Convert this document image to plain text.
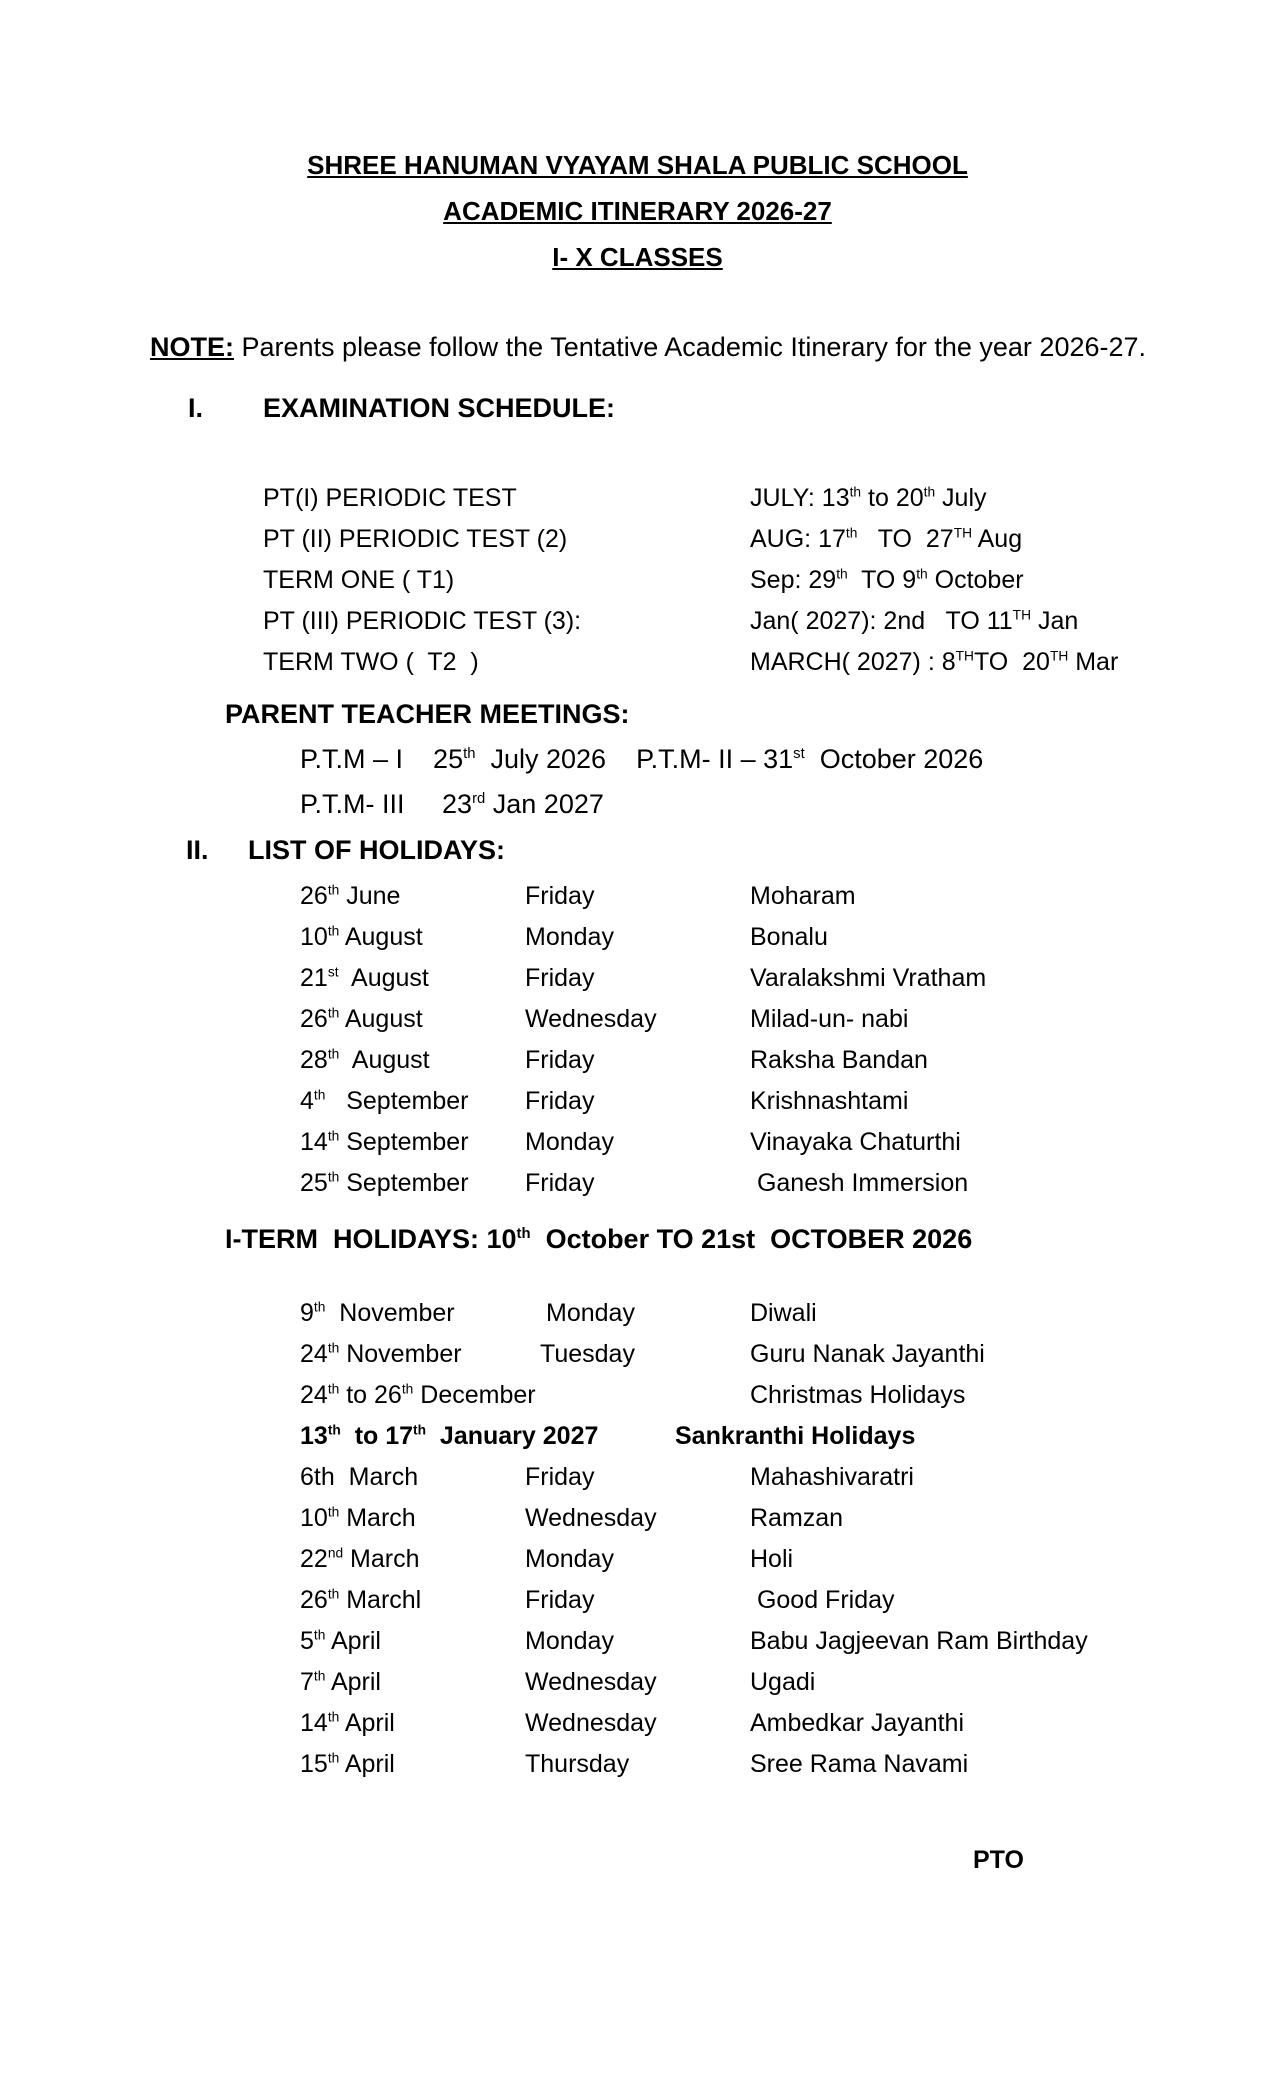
SHREE HANUMAN VYAYAM SHALA PUBLIC SCHOOL
ACADEMIC ITINERARY 2026-27
I- X CLASSES
NOTE: Parents please follow the Tentative Academic Itinerary for the year 2026-27.
I. EXAMINATION SCHEDULE:
PT(I) PERIODIC TEST	JULY: 13th to 20th July
PT (II) PERIODIC TEST (2)	AUG: 17th   TO  27TH Aug
TERM ONE ( T1)	Sep: 29th  TO 9th October
PT (III) PERIODIC TEST (3):	Jan( 2027): 2nd   TO 11TH Jan
TERM TWO (  T2  )	MARCH( 2027) : 8THTO  20TH Mar
PARENT TEACHER MEETINGS:
P.T.M – I    25th  July 2026    P.T.M- II – 31st  October 2026
P.T.M- III     23rd Jan 2027
II. LIST OF HOLIDAYS:
26th June	Friday	Moharam
10th August	Monday	Bonalu
21st  August	Friday	Varalakshmi Vratham
26th August	Wednesday	Milad-un- nabi
28th  August	Friday	Raksha Bandan
4th   September Friday	Krishnashtami
14th September Monday	Vinayaka Chaturthi
25th September Friday	Ganesh Immersion
I-TERM  HOLIDAYS: 10th  October TO 21st  OCTOBER 2026
9th  November	Monday	Diwali
24th November	Tuesday	Guru Nanak Jayanthi
24th to 26th December	Christmas Holidays
13th  to 17th  January 2027	Sankranthi Holidays
6th  March	Friday	Mahashivaratri
10th March	Wednesday	Ramzan
22nd March	Monday	Holi
26th Marchl	Friday	Good Friday
5th April	Monday	Babu Jagjeevan Ram Birthday
7th April	Wednesday	Ugadi
14th April	Wednesday	Ambedkar Jayanthi
15th April	Thursday	Sree Rama Navami
PTO
